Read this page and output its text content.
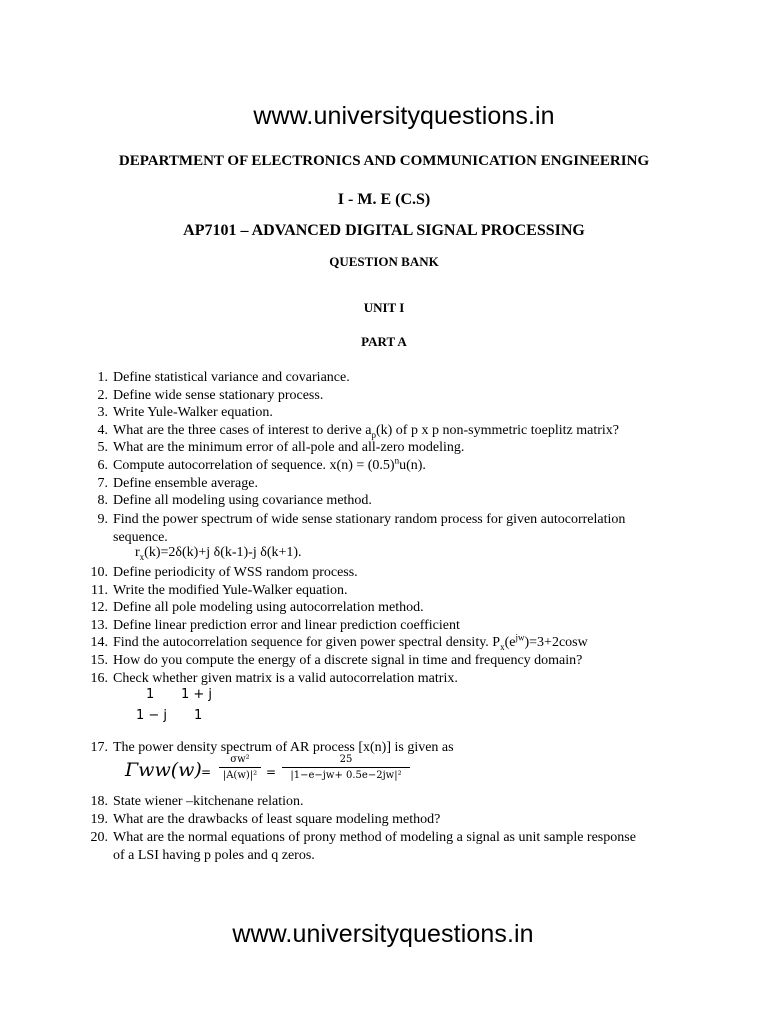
www.universityquestions.in
DEPARTMENT OF ELECTRONICS AND COMMUNICATION ENGINEERING
I - M. E (C.S)
AP7101 – ADVANCED DIGITAL SIGNAL PROCESSING
QUESTION BANK
UNIT I
PART A
1. Define statistical variance and covariance.
2. Define wide sense stationary process.
3. Write Yule-Walker equation.
4. What are the three cases of interest to derive $a_p(k)$ of p x p non-symmetric toeplitz matrix?
5. What are the minimum error of all-pole and all-zero modeling.
6. Compute autocorrelation of sequence. $x(n) = (0.5)^nu(n)$.
7. Define ensemble average.
8. Define all modeling using covariance method.
9. Find the power spectrum of wide sense stationary random process for given autocorrelation
sequence.
10. Define periodicity of WSS random process.
11. Write the modified Yule-Walker equation.
12. Define all pole modeling using autocorrelation method.
13. Define linear prediction error and linear prediction coefficient
14. Find the autocorrelation sequence for given power spectral density. $P_x(e^{jw})=3+2\cos w$
15. How do you compute the energy of a discrete signal in time and frequency domain?
16. Check whether given matrix is a valid autocorrelation matrix.
17. The power density spectrum of AR process [x(n)] is given as
18. State wiener –kitchenane relation.
19. What are the drawbacks of least square modeling method?
20. What are the normal equations of prony method of modeling a signal as unit sample response
of a LSI having p poles and q zeros.
$r_x(k)=2\delta(k)+j$ δ(k-1)-j δ(k+1).
1 1 + j
1 − j 1
Γww(w) =
σw²
|A(w)|² =
25
|1−e−jw+ 0.5e−2jw|²
www.universityquestions.in
